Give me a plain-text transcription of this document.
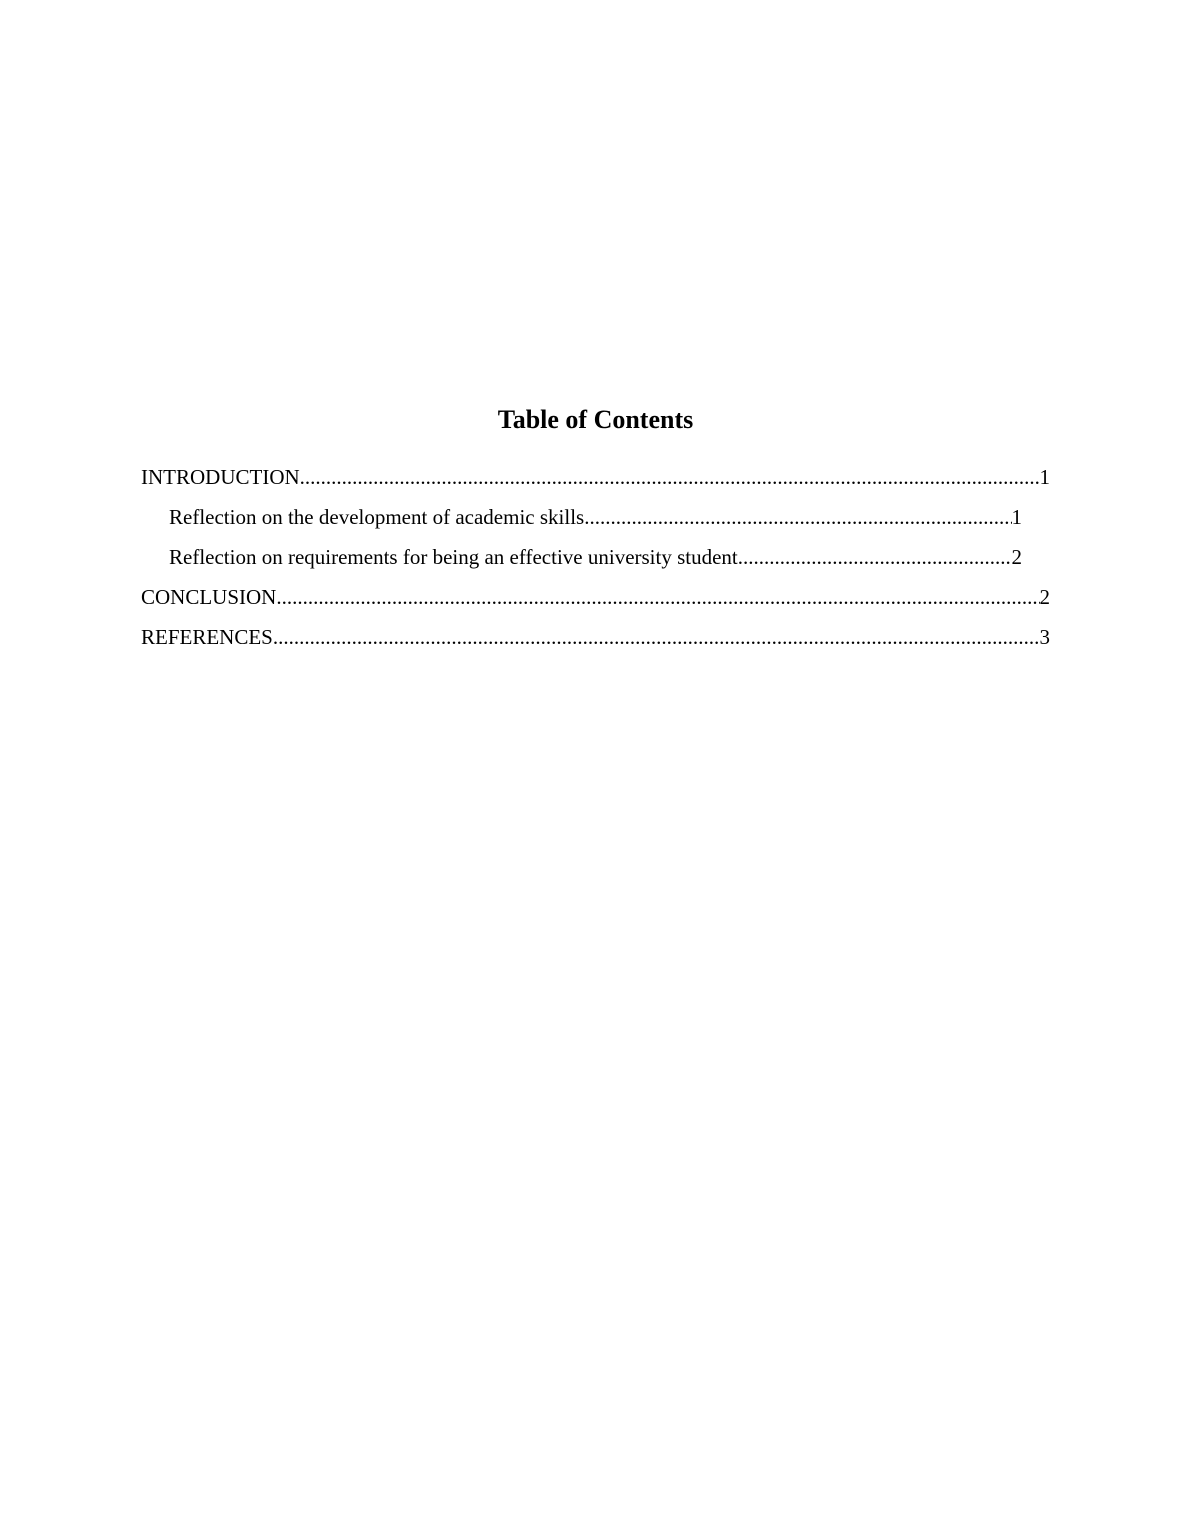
Table of Contents
INTRODUCTION .....	1
Reflection on the development of academic skills .....	1
Reflection on requirements for being an effective university student .....	2
CONCLUSION .....	2
REFERENCES .....	3
